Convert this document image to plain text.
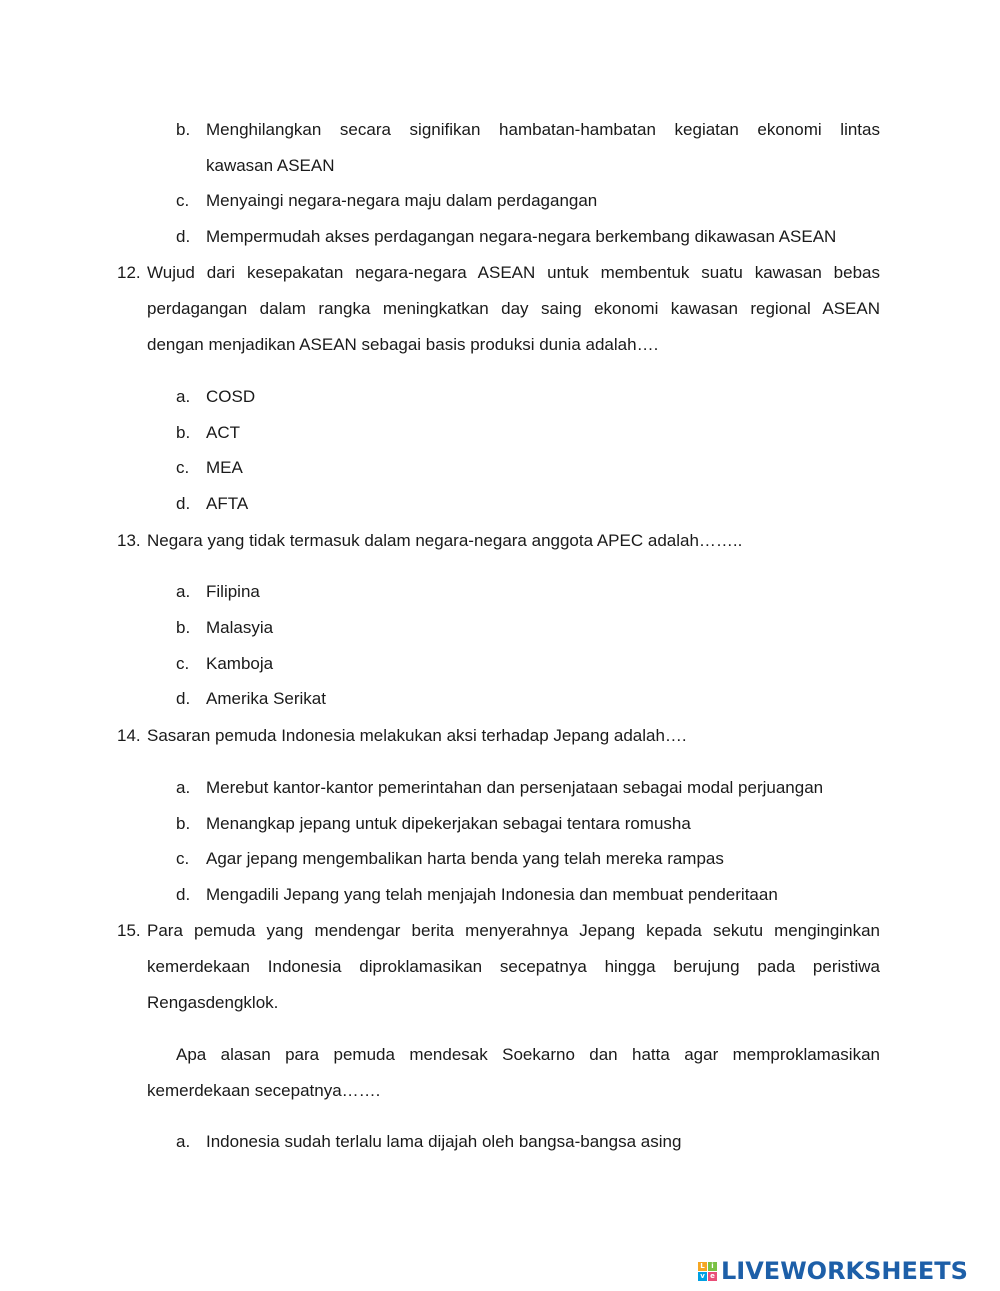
b. Menghilangkan secara signifikan hambatan-hambatan kegiatan ekonomi lintas
kawasan ASEAN
c. Menyaingi negara-negara maju dalam perdagangan
d. Mempermudah akses perdagangan negara-negara berkembang dikawasan ASEAN
12. Wujud dari kesepakatan negara-negara ASEAN untuk membentuk suatu kawasan bebas
perdagangan dalam rangka meningkatkan day saing ekonomi kawasan regional ASEAN
dengan menjadikan ASEAN sebagai basis produksi dunia adalah….
a. COSD
b. ACT
c. MEA
d. AFTA
13. Negara yang tidak termasuk dalam negara-negara anggota APEC adalah……..
a. Filipina
b. Malasyia
c. Kamboja
d. Amerika Serikat
14. Sasaran pemuda Indonesia melakukan aksi terhadap Jepang adalah….
a. Merebut kantor-kantor pemerintahan dan persenjataan sebagai modal perjuangan
b. Menangkap jepang untuk dipekerjakan sebagai tentara romusha
c. Agar jepang mengembalikan harta benda yang telah mereka rampas
d. Mengadili Jepang yang telah menjajah Indonesia dan membuat penderitaan
15. Para pemuda yang mendengar berita menyerahnya Jepang kepada sekutu menginginkan
kemerdekaan Indonesia diproklamasikan secepatnya hingga berujung pada peristiwa
Rengasdengklok.
Apa alasan para pemuda mendesak Soekarno dan hatta agar memproklamasikan
kemerdekaan secepatnya…….
a. Indonesia sudah terlalu lama dijajah oleh bangsa-bangsa asing
L i
v e LIVEWORKSHEETS
